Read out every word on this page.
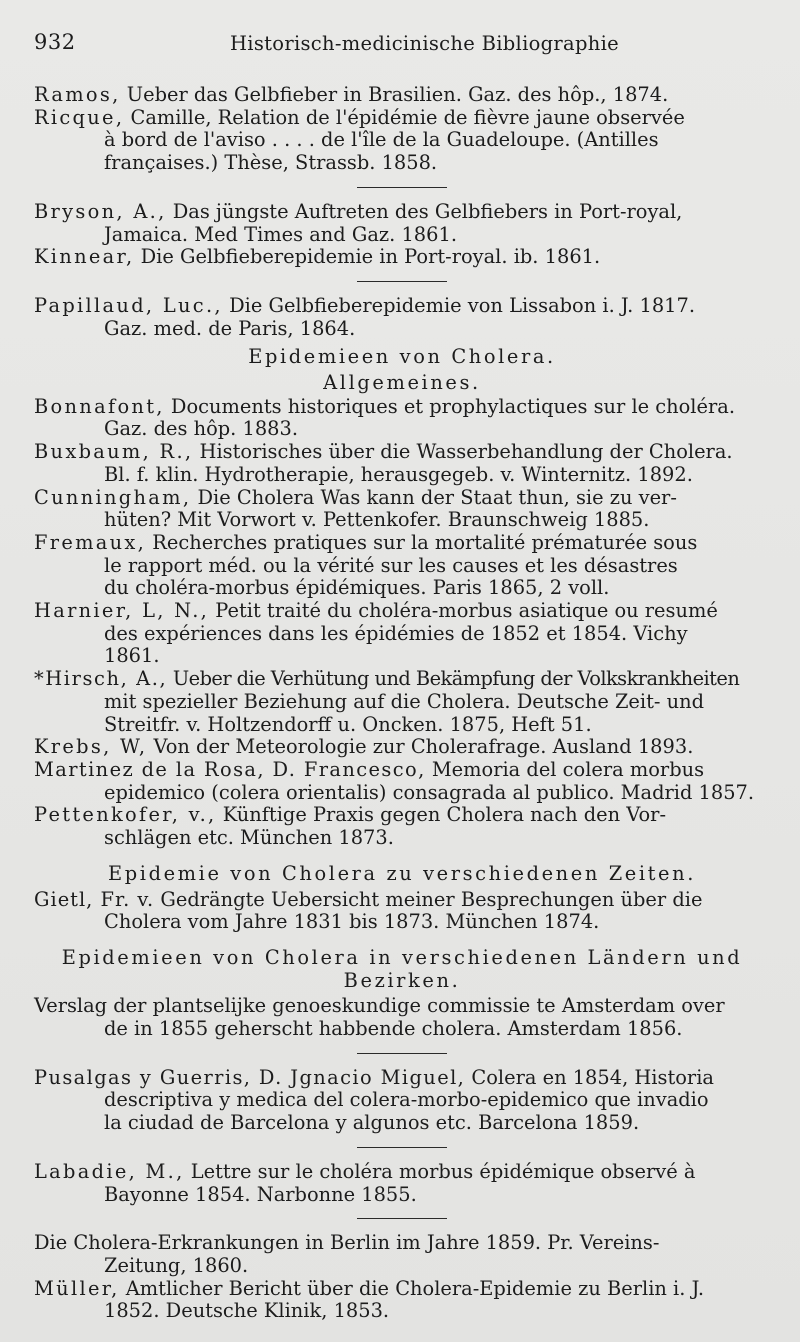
932	Historisch-medicinische Bibliographie
Ramos, Ueber das Gelbfieber in Brasilien. Gaz. des hôp., 1874.
Ricque, Camille, Relation de l'épidémie de fièvre jaune observée
à bord de l'aviso . . . . de l'île de la Guadeloupe. (Antilles
françaises.) Thèse, Strassb. 1858.
Bryson, A., Das jüngste Auftreten des Gelbfiebers in Port-royal,
Jamaica. Med Times and Gaz. 1861.
Kinnear, Die Gelbfieberepidemie in Port-royal. ib. 1861.
Papillaud, Luc., Die Gelbfieberepidemie von Lissabon i. J. 1817.
Gaz. med. de Paris, 1864.
Epidemieen von Cholera.
Allgemeines.
Bonnafont, Documents historiques et prophylactiques sur le choléra.
Gaz. des hôp. 1883.
Buxbaum, R., Historisches über die Wasserbehandlung der Cholera.
Bl. f. klin. Hydrotherapie, herausgegeb. v. Winternitz. 1892.
Cunningham, Die Cholera Was kann der Staat thun, sie zu ver-
hüten? Mit Vorwort v. Pettenkofer. Braunschweig 1885.
Fremaux, Recherches pratiques sur la mortalité prématurée sous
le rapport méd. ou la vérité sur les causes et les désastres
du choléra-morbus épidémiques. Paris 1865, 2 voll.
Harnier, L, N., Petit traité du choléra-morbus asiatique ou resumé
des expériences dans les épidémies de 1852 et 1854. Vichy
1861.
*Hirsch, A., Ueber die Verhütung und Bekämpfung der Volkskrankheiten
mit spezieller Beziehung auf die Cholera. Deutsche Zeit- und
Streitfr. v. Holtzendorff u. Oncken. 1875, Heft 51.
Krebs, W, Von der Meteorologie zur Cholerafrage. Ausland 1893.
Martinez de la Rosa, D. Francesco, Memoria del colera morbus
epidemico (colera orientalis) consagrada al publico. Madrid 1857.
Pettenkofer, v., Künftige Praxis gegen Cholera nach den Vor-
schlägen etc. München 1873.
Epidemie von Cholera zu verschiedenen Zeiten.
Gietl, Fr. v. Gedrängte Uebersicht meiner Besprechungen über die
Cholera vom Jahre 1831 bis 1873. München 1874.
Epidemieen von Cholera in verschiedenen Ländern und
Bezirken.
Verslag der plantselijke genoeskundige commissie te Amsterdam over
de in 1855 geherscht habbende cholera. Amsterdam 1856.
Pusalgas y Guerris, D. Jgnacio Miguel, Colera en 1854, Historia
descriptiva y medica del colera-morbo-epidemico que invadio
la ciudad de Barcelona y algunos etc. Barcelona 1859.
Labadie, M., Lettre sur le choléra morbus épidémique observé à
Bayonne 1854. Narbonne 1855.
Die Cholera-Erkrankungen in Berlin im Jahre 1859. Pr. Vereins-
Zeitung, 1860.
Müller, Amtlicher Bericht über die Cholera-Epidemie zu Berlin i. J.
1852. Deutsche Klinik, 1853.
